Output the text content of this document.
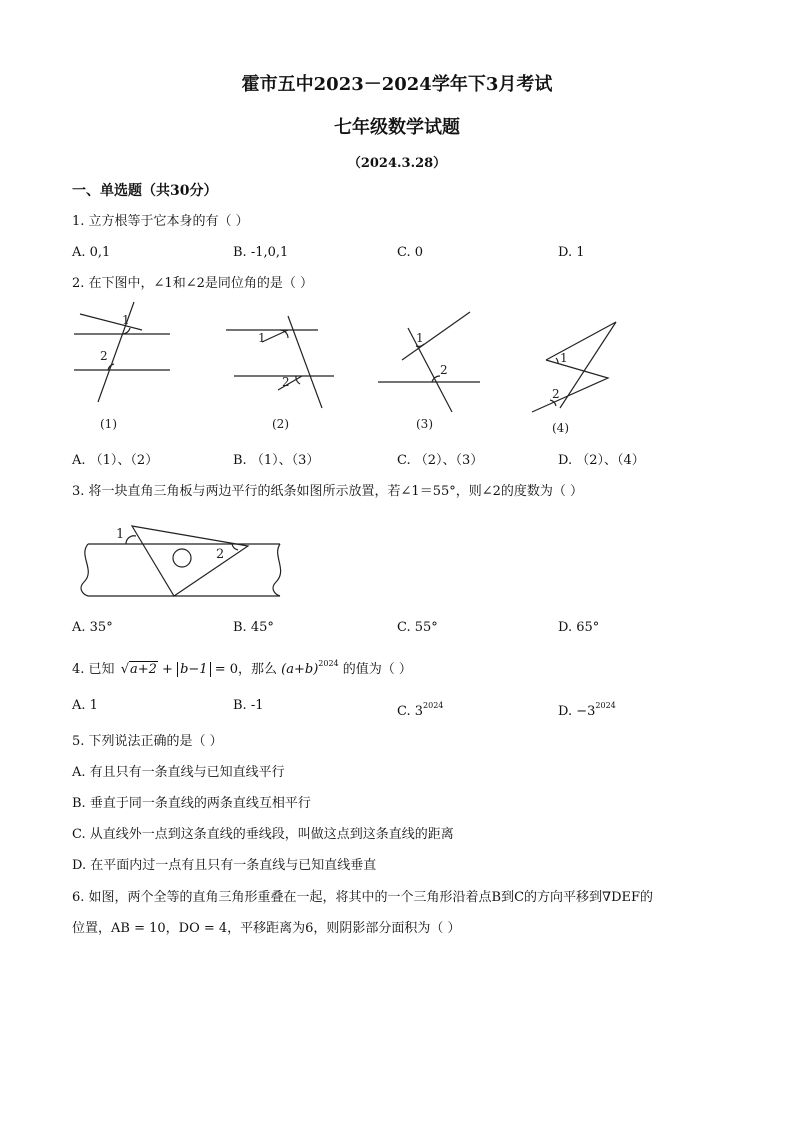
霍市五中2023－2024学年下3月考试
七年级数学试题
（2024.3.28）
一、单选题（共30分）
1. 立方根等于它本身的有（ ）
A. 0,1	B. -1,0,1	C. 0	D. 1
2. 在下图中，∠1和∠2是同位角的是（ ）
1
2
1
2
1
2
1
2
(1)	(2)	(3)	(4)
A. （1）、（2）	B. （1）、（3）	C. （2）、（3）	D. （2）、（4）
3. 将一块直角三角板与两边平行的纸条如图所示放置，若∠1＝55°，则∠2的度数为（ ）
1
2
A. 35°	B. 45°	C. 55°	D. 65°
4. 已知 √a+2 + b−1 = 0，那么 $(a+b)^{2024}$ 的值为（ ）
A. 1	B. -1	C. $3^{2024}$	D. $-3^{2024}$
5. 下列说法正确的是（ ）
A. 有且只有一条直线与已知直线平行
B. 垂直于同一条直线的两条直线互相平行
C. 从直线外一点到这条直线的垂线段，叫做这点到这条直线的距离
D. 在平面内过一点有且只有一条直线与已知直线垂直
6. 如图，两个全等的直角三角形重叠在一起，将其中的一个三角形沿着点B到C的方向平移到∇DEF的
位置，AB = 10，DO = 4，平移距离为6，则阴影部分面积为（ ）
